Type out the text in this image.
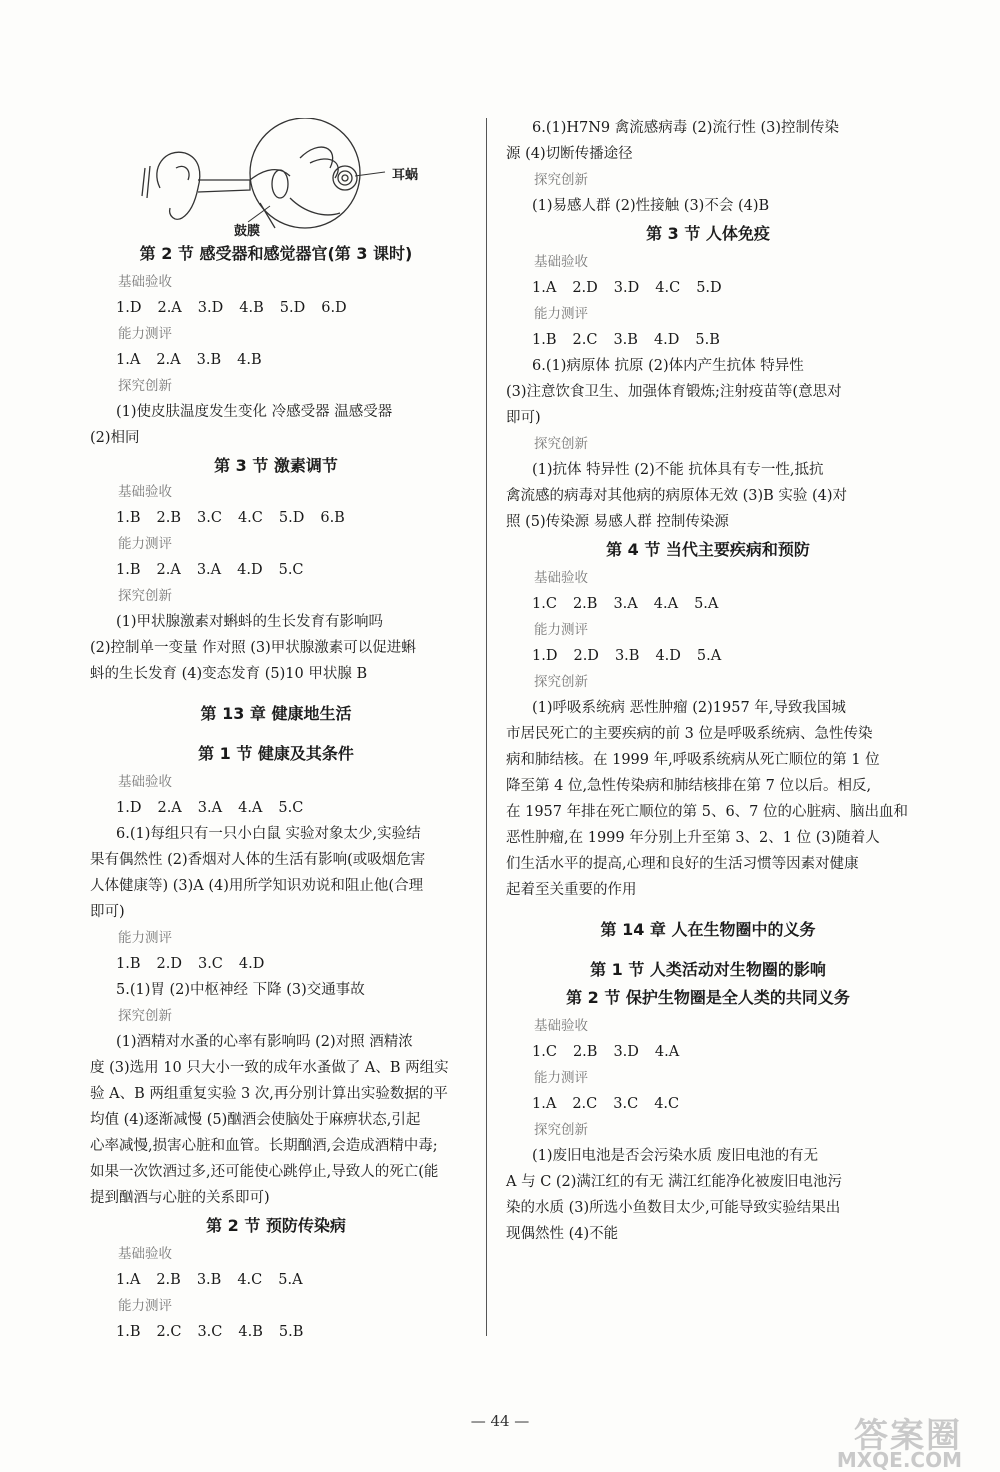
耳蜗
鼓膜
第 2 节 感受器和感觉器官(第 3 课时)
基础验收
1.D 2.A 3.D 4.B 5.D 6.D
能力测评
1.A 2.A 3.B 4.B
探究创新
(1)使皮肤温度发生变化 冷感受器 温感受器
(2)相同
第 3 节 激素调节
基础验收
1.B 2.B 3.C 4.C 5.D 6.B
能力测评
1.B 2.A 3.A 4.D 5.C
探究创新
(1)甲状腺激素对蝌蚪的生长发育有影响吗
(2)控制单一变量 作对照 (3)甲状腺激素可以促进蝌
蚪的生长发育 (4)变态发育 (5)10 甲状腺 B
第 13 章 健康地生活
第 1 节 健康及其条件
基础验收
1.D 2.A 3.A 4.A 5.C
6.(1)每组只有一只小白鼠 实验对象太少,实验结
果有偶然性 (2)香烟对人体的生活有影响(或吸烟危害
人体健康等) (3)A (4)用所学知识劝说和阻止他(合理
即可)
能力测评
1.B 2.D 3.C 4.D
5.(1)胃 (2)中枢神经 下降 (3)交通事故
探究创新
(1)酒精对水蚤的心率有影响吗 (2)对照 酒精浓
度 (3)选用 10 只大小一致的成年水蚤做了 A、B 两组实
验 A、B 两组重复实验 3 次,再分别计算出实验数据的平
均值 (4)逐渐减慢 (5)酗酒会使脑处于麻痹状态,引起
心率减慢,损害心脏和血管。长期酗酒,会造成酒精中毒;
如果一次饮酒过多,还可能使心跳停止,导致人的死亡(能
提到酗酒与心脏的关系即可)
第 2 节 预防传染病
基础验收
1.A 2.B 3.B 4.C 5.A
能力测评
1.B 2.C 3.C 4.B 5.B
6.(1)H7N9 禽流感病毒 (2)流行性 (3)控制传染
源 (4)切断传播途径
探究创新
(1)易感人群 (2)性接触 (3)不会 (4)B
第 3 节 人体免疫
基础验收
1.A 2.D 3.D 4.C 5.D
能力测评
1.B 2.C 3.B 4.D 5.B
6.(1)病原体 抗原 (2)体内产生抗体 特异性
(3)注意饮食卫生、加强体育锻炼;注射疫苗等(意思对
即可)
探究创新
(1)抗体 特异性 (2)不能 抗体具有专一性,抵抗
禽流感的病毒对其他病的病原体无效 (3)B 实验 (4)对
照 (5)传染源 易感人群 控制传染源
第 4 节 当代主要疾病和预防
基础验收
1.C 2.B 3.A 4.A 5.A
能力测评
1.D 2.D 3.B 4.D 5.A
探究创新
(1)呼吸系统病 恶性肿瘤 (2)1957 年,导致我国城
市居民死亡的主要疾病的前 3 位是呼吸系统病、急性传染
病和肺结核。在 1999 年,呼吸系统病从死亡顺位的第 1 位
降至第 4 位,急性传染病和肺结核排在第 7 位以后。相反,
在 1957 年排在死亡顺位的第 5、6、7 位的心脏病、脑出血和
恶性肿瘤,在 1999 年分别上升至第 3、2、1 位 (3)随着人
们生活水平的提高,心理和良好的生活习惯等因素对健康
起着至关重要的作用
第 14 章 人在生物圈中的义务
第 1 节 人类活动对生物圈的影响
第 2 节 保护生物圈是全人类的共同义务
基础验收
1.C 2.B 3.D 4.A
能力测评
1.A 2.C 3.C 4.C
探究创新
(1)废旧电池是否会污染水质 废旧电池的有无
A 与 C (2)满江红的有无 满江红能净化被废旧电池污
染的水质 (3)所选小鱼数目太少,可能导致实验结果出
现偶然性 (4)不能
— 44 —	答案圈
MXQE.COM
